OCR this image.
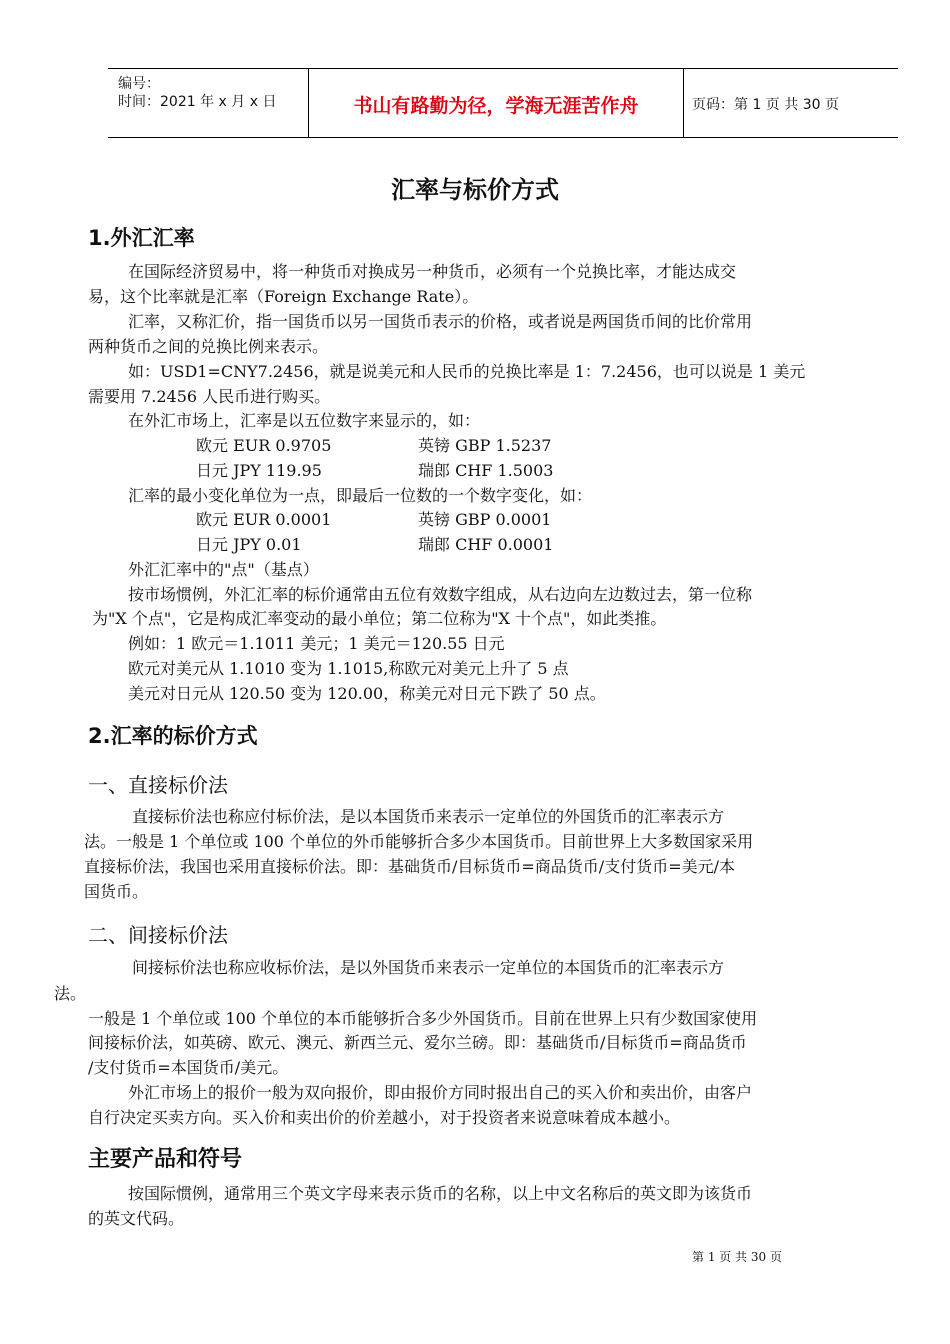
编号：
时间：2021 年 x 月 x 日	书山有路勤为径，学海无涯苦作舟	页码：第 1 页 共 30 页
汇率与标价方式
1.外汇汇率
在国际经济贸易中，将一种货币对换成另一种货币，必须有一个兑换比率，才能达成交
易，这个比率就是汇率（Foreign Exchange Rate）。
汇率，又称汇价，指一国货币以另一国货币表示的价格，或者说是两国货币间的比价常用
两种货币之间的兑换比例来表示。
如：USD1=CNY7.2456，就是说美元和人民币的兑换比率是 1：7.2456，也可以说是 1 美元
需要用 7.2456 人民币进行购买。
在外汇市场上，汇率是以五位数字来显示的，如：
欧元 EUR 0.9705	英镑 GBP 1.5237
日元 JPY 119.95	瑞郎 CHF 1.5003
汇率的最小变化单位为一点，即最后一位数的一个数字变化，如：
欧元 EUR 0.0001	英镑 GBP 0.0001
日元 JPY 0.01	瑞郎 CHF 0.0001
外汇汇率中的"点"（基点）
按市场惯例，外汇汇率的标价通常由五位有效数字组成，从右边向左边数过去，第一位称
为"X 个点"，它是构成汇率变动的最小单位；第二位称为"X 十个点"，如此类推。
例如：1 欧元＝1.1011 美元；1 美元＝120.55 日元
欧元对美元从 1.1010 变为 1.1015,称欧元对美元上升了 5 点
美元对日元从 120.50 变为 120.00，称美元对日元下跌了 50 点。
2.汇率的标价方式
一、直接标价法
直接标价法也称应付标价法，是以本国货币来表示一定单位的外国货币的汇率表示方
法。一般是 1 个单位或 100 个单位的外币能够折合多少本国货币。目前世界上大多数国家采用
直接标价法，我国也采用直接标价法。即：基础货币/目标货币=商品货币/支付货币=美元/本
国货币。
二、间接标价法
间接标价法也称应收标价法，是以外国货币来表示一定单位的本国货币的汇率表示方
法。
一般是 1 个单位或 100 个单位的本币能够折合多少外国货币。目前在世界上只有少数国家使用
间接标价法，如英磅、欧元、澳元、新西兰元、爱尔兰磅。即：基础货币/目标货币=商品货币
/支付货币=本国货币/美元。
外汇市场上的报价一般为双向报价，即由报价方同时报出自己的买入价和卖出价，由客户
自行决定买卖方向。买入价和卖出价的价差越小，对于投资者来说意味着成本越小。
主要产品和符号
按国际惯例，通常用三个英文字母来表示货币的名称，以上中文名称后的英文即为该货币
的英文代码。
第 1 页 共 30 页
